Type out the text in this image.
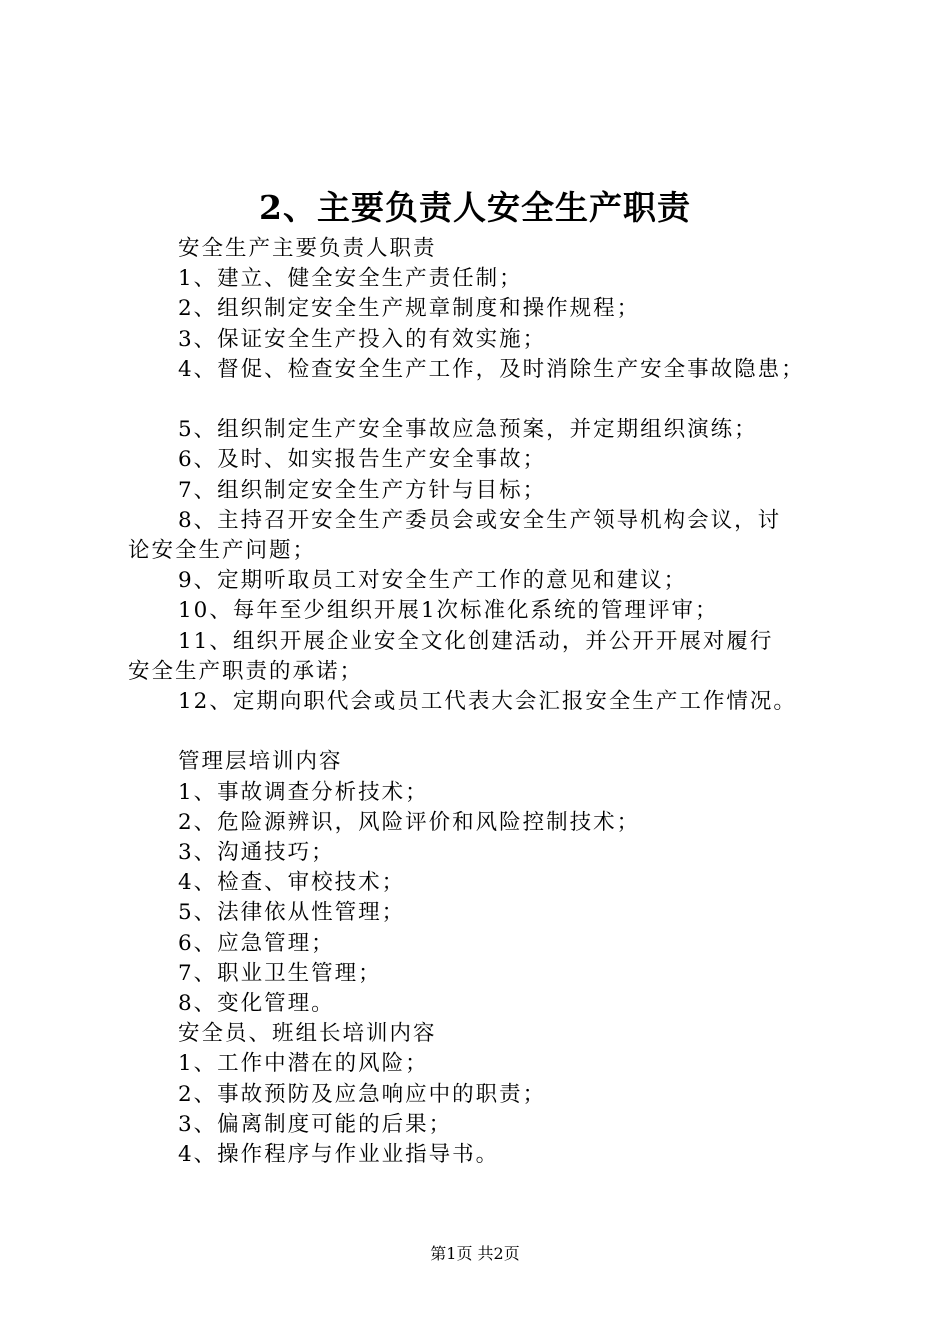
2、主要负责人安全生产职责
安全生产主要负责人职责
1、建立、健全安全生产责任制；
2、组织制定安全生产规章制度和操作规程；
3、保证安全生产投入的有效实施；
4、督促、检查安全生产工作，及时消除生产安全事故隐患；
5、组织制定生产安全事故应急预案，并定期组织演练；
6、及时、如实报告生产安全事故；
7、组织制定安全生产方针与目标；
8、主持召开安全生产委员会或安全生产领导机构会议，讨
论安全生产问题；
9、定期听取员工对安全生产工作的意见和建议；
10、每年至少组织开展1次标准化系统的管理评审；
11、组织开展企业安全文化创建活动，并公开开展对履行
安全生产职责的承诺；
12、定期向职代会或员工代表大会汇报安全生产工作情况。
管理层培训内容
1、事故调查分析技术；
2、危险源辨识，风险评价和风险控制技术；
3、沟通技巧；
4、检查、审校技术；
5、法律依从性管理；
6、应急管理；
7、职业卫生管理；
8、变化管理。
安全员、班组长培训内容
1、工作中潜在的风险；
2、事故预防及应急响应中的职责；
3、偏离制度可能的后果；
4、操作程序与作业业指导书。
第1页 共2页
